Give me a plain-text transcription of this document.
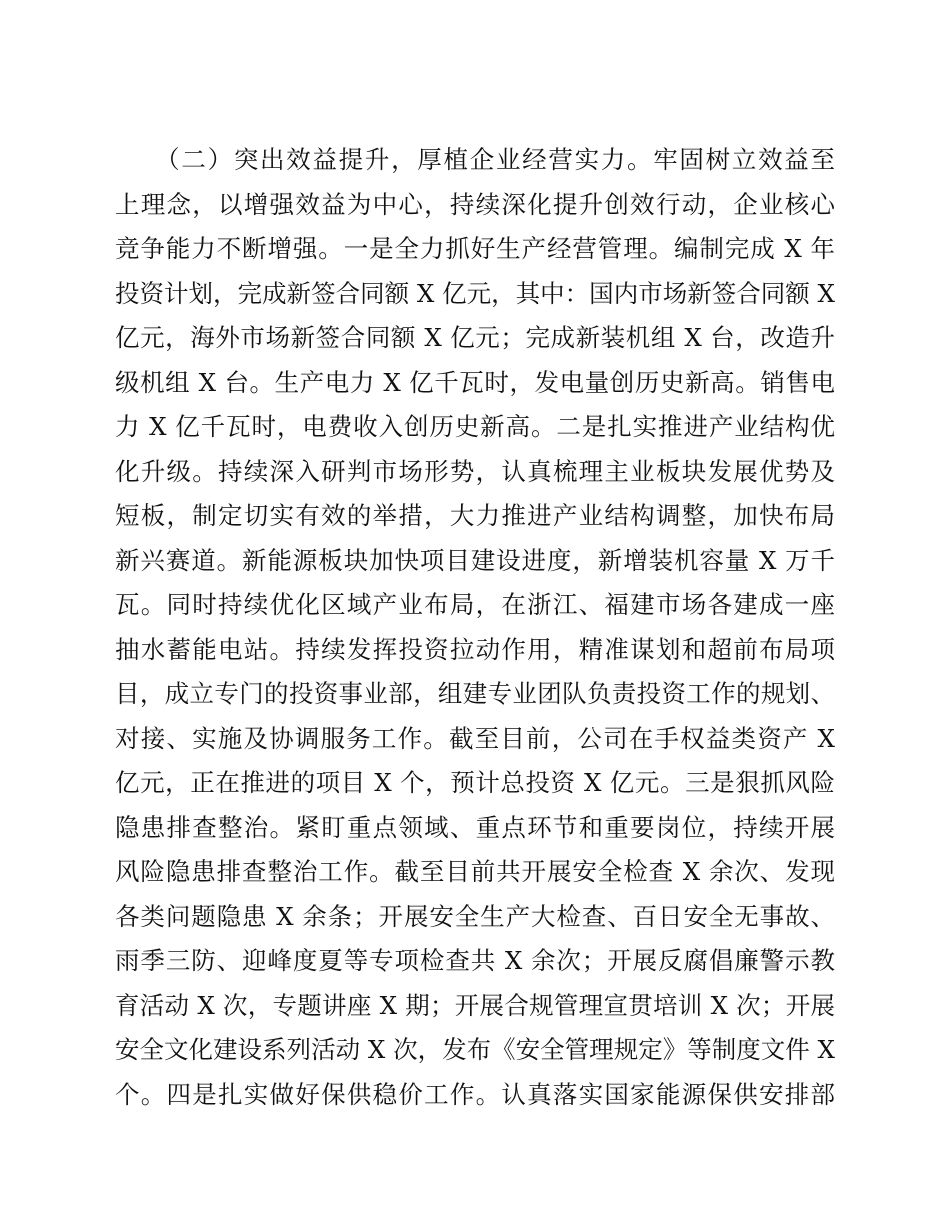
　　（二）突出效益提升，厚植企业经营实力。牢固树立效益至
上理念，以增强效益为中心，持续深化提升创效行动，企业核心
竞争能力不断增强。一是全力抓好生产经营管理。编制完成 X 年
投资计划，完成新签合同额 X 亿元，其中：国内市场新签合同额 X
亿元，海外市场新签合同额 X 亿元；完成新装机组 X 台，改造升
级机组 X 台。生产电力 X 亿千瓦时，发电量创历史新高。销售电
力 X 亿千瓦时，电费收入创历史新高。二是扎实推进产业结构优
化升级。持续深入研判市场形势，认真梳理主业板块发展优势及
短板，制定切实有效的举措，大力推进产业结构调整，加快布局
新兴赛道。新能源板块加快项目建设进度，新增装机容量 X 万千
瓦。同时持续优化区域产业布局，在浙江、福建市场各建成一座
抽水蓄能电站。持续发挥投资拉动作用，精准谋划和超前布局项
目，成立专门的投资事业部，组建专业团队负责投资工作的规划、
对接、实施及协调服务工作。截至目前，公司在手权益类资产 X
亿元，正在推进的项目 X 个，预计总投资 X 亿元。三是狠抓风险
隐患排查整治。紧盯重点领域、重点环节和重要岗位，持续开展
风险隐患排查整治工作。截至目前共开展安全检查 X 余次、发现
各类问题隐患 X 余条；开展安全生产大检查、百日安全无事故、
雨季三防、迎峰度夏等专项检查共 X 余次；开展反腐倡廉警示教
育活动 X 次，专题讲座 X 期；开展合规管理宣贯培训 X 次；开展
安全文化建设系列活动 X 次，发布《安全管理规定》等制度文件 X
个。四是扎实做好保供稳价工作。认真落实国家能源保供安排部
